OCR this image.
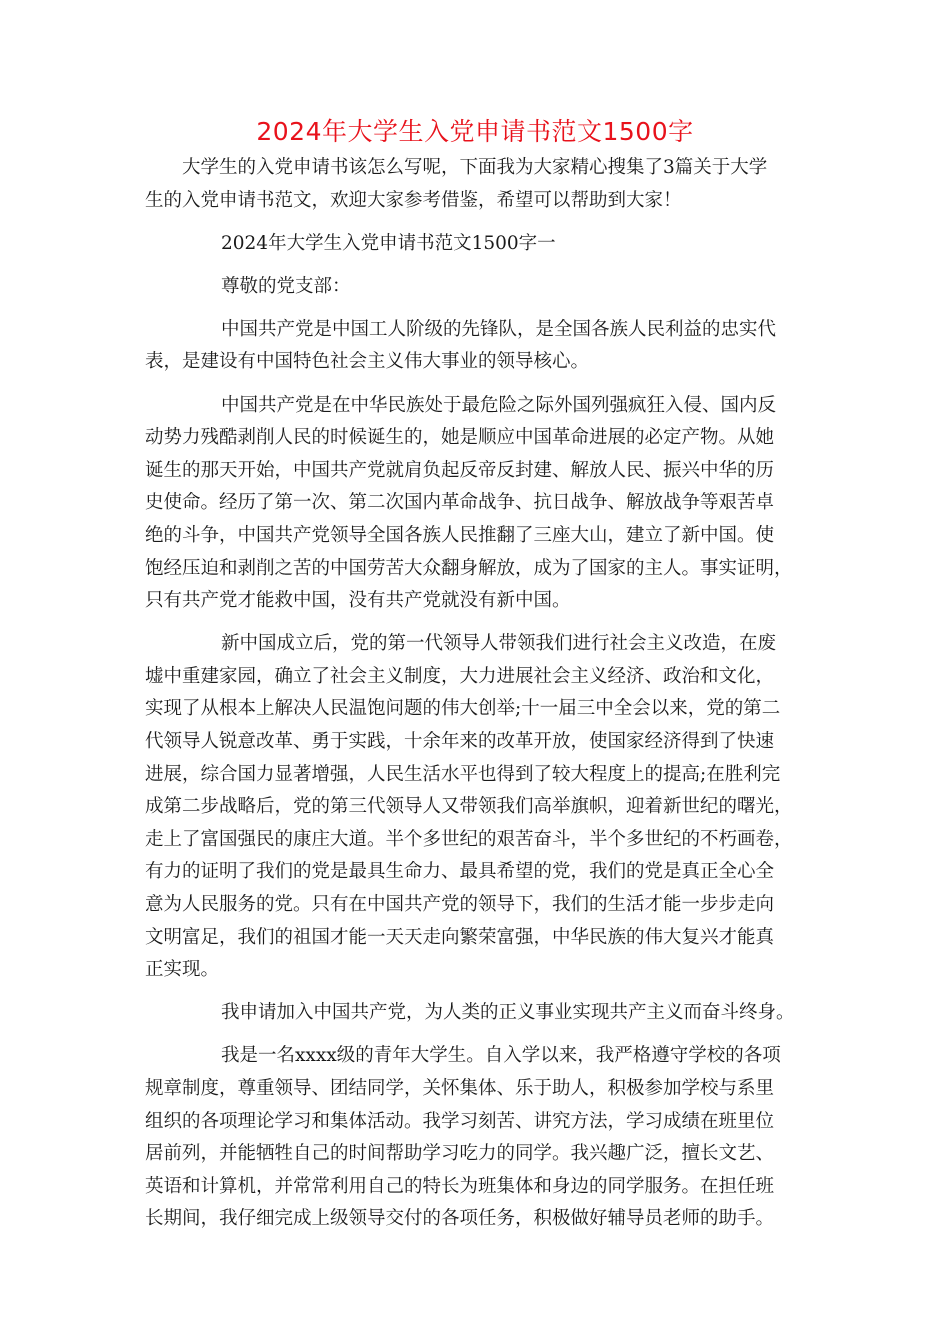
2024年大学生入党申请书范文1500字

大学生的入党申请书该怎么写呢，下面我为大家精心搜集了3篇关于大学
生的入党申请书范文，欢迎大家参考借鉴，希望可以帮助到大家！

2024年大学生入党申请书范文1500字一

尊敬的党支部：

中国共产党是中国工人阶级的先锋队，是全国各族人民利益的忠实代
表，是建设有中国特色社会主义伟大事业的领导核心。

中国共产党是在中华民族处于最危险之际外国列强疯狂入侵、国内反
动势力残酷剥削人民的时候诞生的，她是顺应中国革命进展的必定产物。从她
诞生的那天开始，中国共产党就肩负起反帝反封建、解放人民、振兴中华的历
史使命。经历了第一次、第二次国内革命战争、抗日战争、解放战争等艰苦卓
绝的斗争，中国共产党领导全国各族人民推翻了三座大山，建立了新中国。使
饱经压迫和剥削之苦的中国劳苦大众翻身解放，成为了国家的主人。事实证明，
只有共产党才能救中国，没有共产党就没有新中国。

新中国成立后，党的第一代领导人带领我们进行社会主义改造，在废
墟中重建家园，确立了社会主义制度，大力进展社会主义经济、政治和文化，
实现了从根本上解决人民温饱问题的伟大创举;十一届三中全会以来，党的第二
代领导人锐意改革、勇于实践，十余年来的改革开放，使国家经济得到了快速
进展，综合国力显著增强，人民生活水平也得到了较大程度上的提高;在胜利完
成第二步战略后，党的第三代领导人又带领我们高举旗帜，迎着新世纪的曙光，
走上了富国强民的康庄大道。半个多世纪的艰苦奋斗，半个多世纪的不朽画卷，
有力的证明了我们的党是最具生命力、最具希望的党，我们的党是真正全心全
意为人民服务的党。只有在中国共产党的领导下，我们的生活才能一步步走向
文明富足，我们的祖国才能一天天走向繁荣富强，中华民族的伟大复兴才能真
正实现。

我申请加入中国共产党，为人类的正义事业实现共产主义而奋斗终身。

我是一名xxxx级的青年大学生。自入学以来，我严格遵守学校的各项
规章制度，尊重领导、团结同学，关怀集体、乐于助人，积极参加学校与系里
组织的各项理论学习和集体活动。我学习刻苦、讲究方法，学习成绩在班里位
居前列，并能牺牲自己的时间帮助学习吃力的同学。我兴趣广泛，擅长文艺、
英语和计算机，并常常利用自己的特长为班集体和身边的同学服务。在担任班
长期间，我仔细完成上级领导交付的各项任务，积极做好辅导员老师的助手。
